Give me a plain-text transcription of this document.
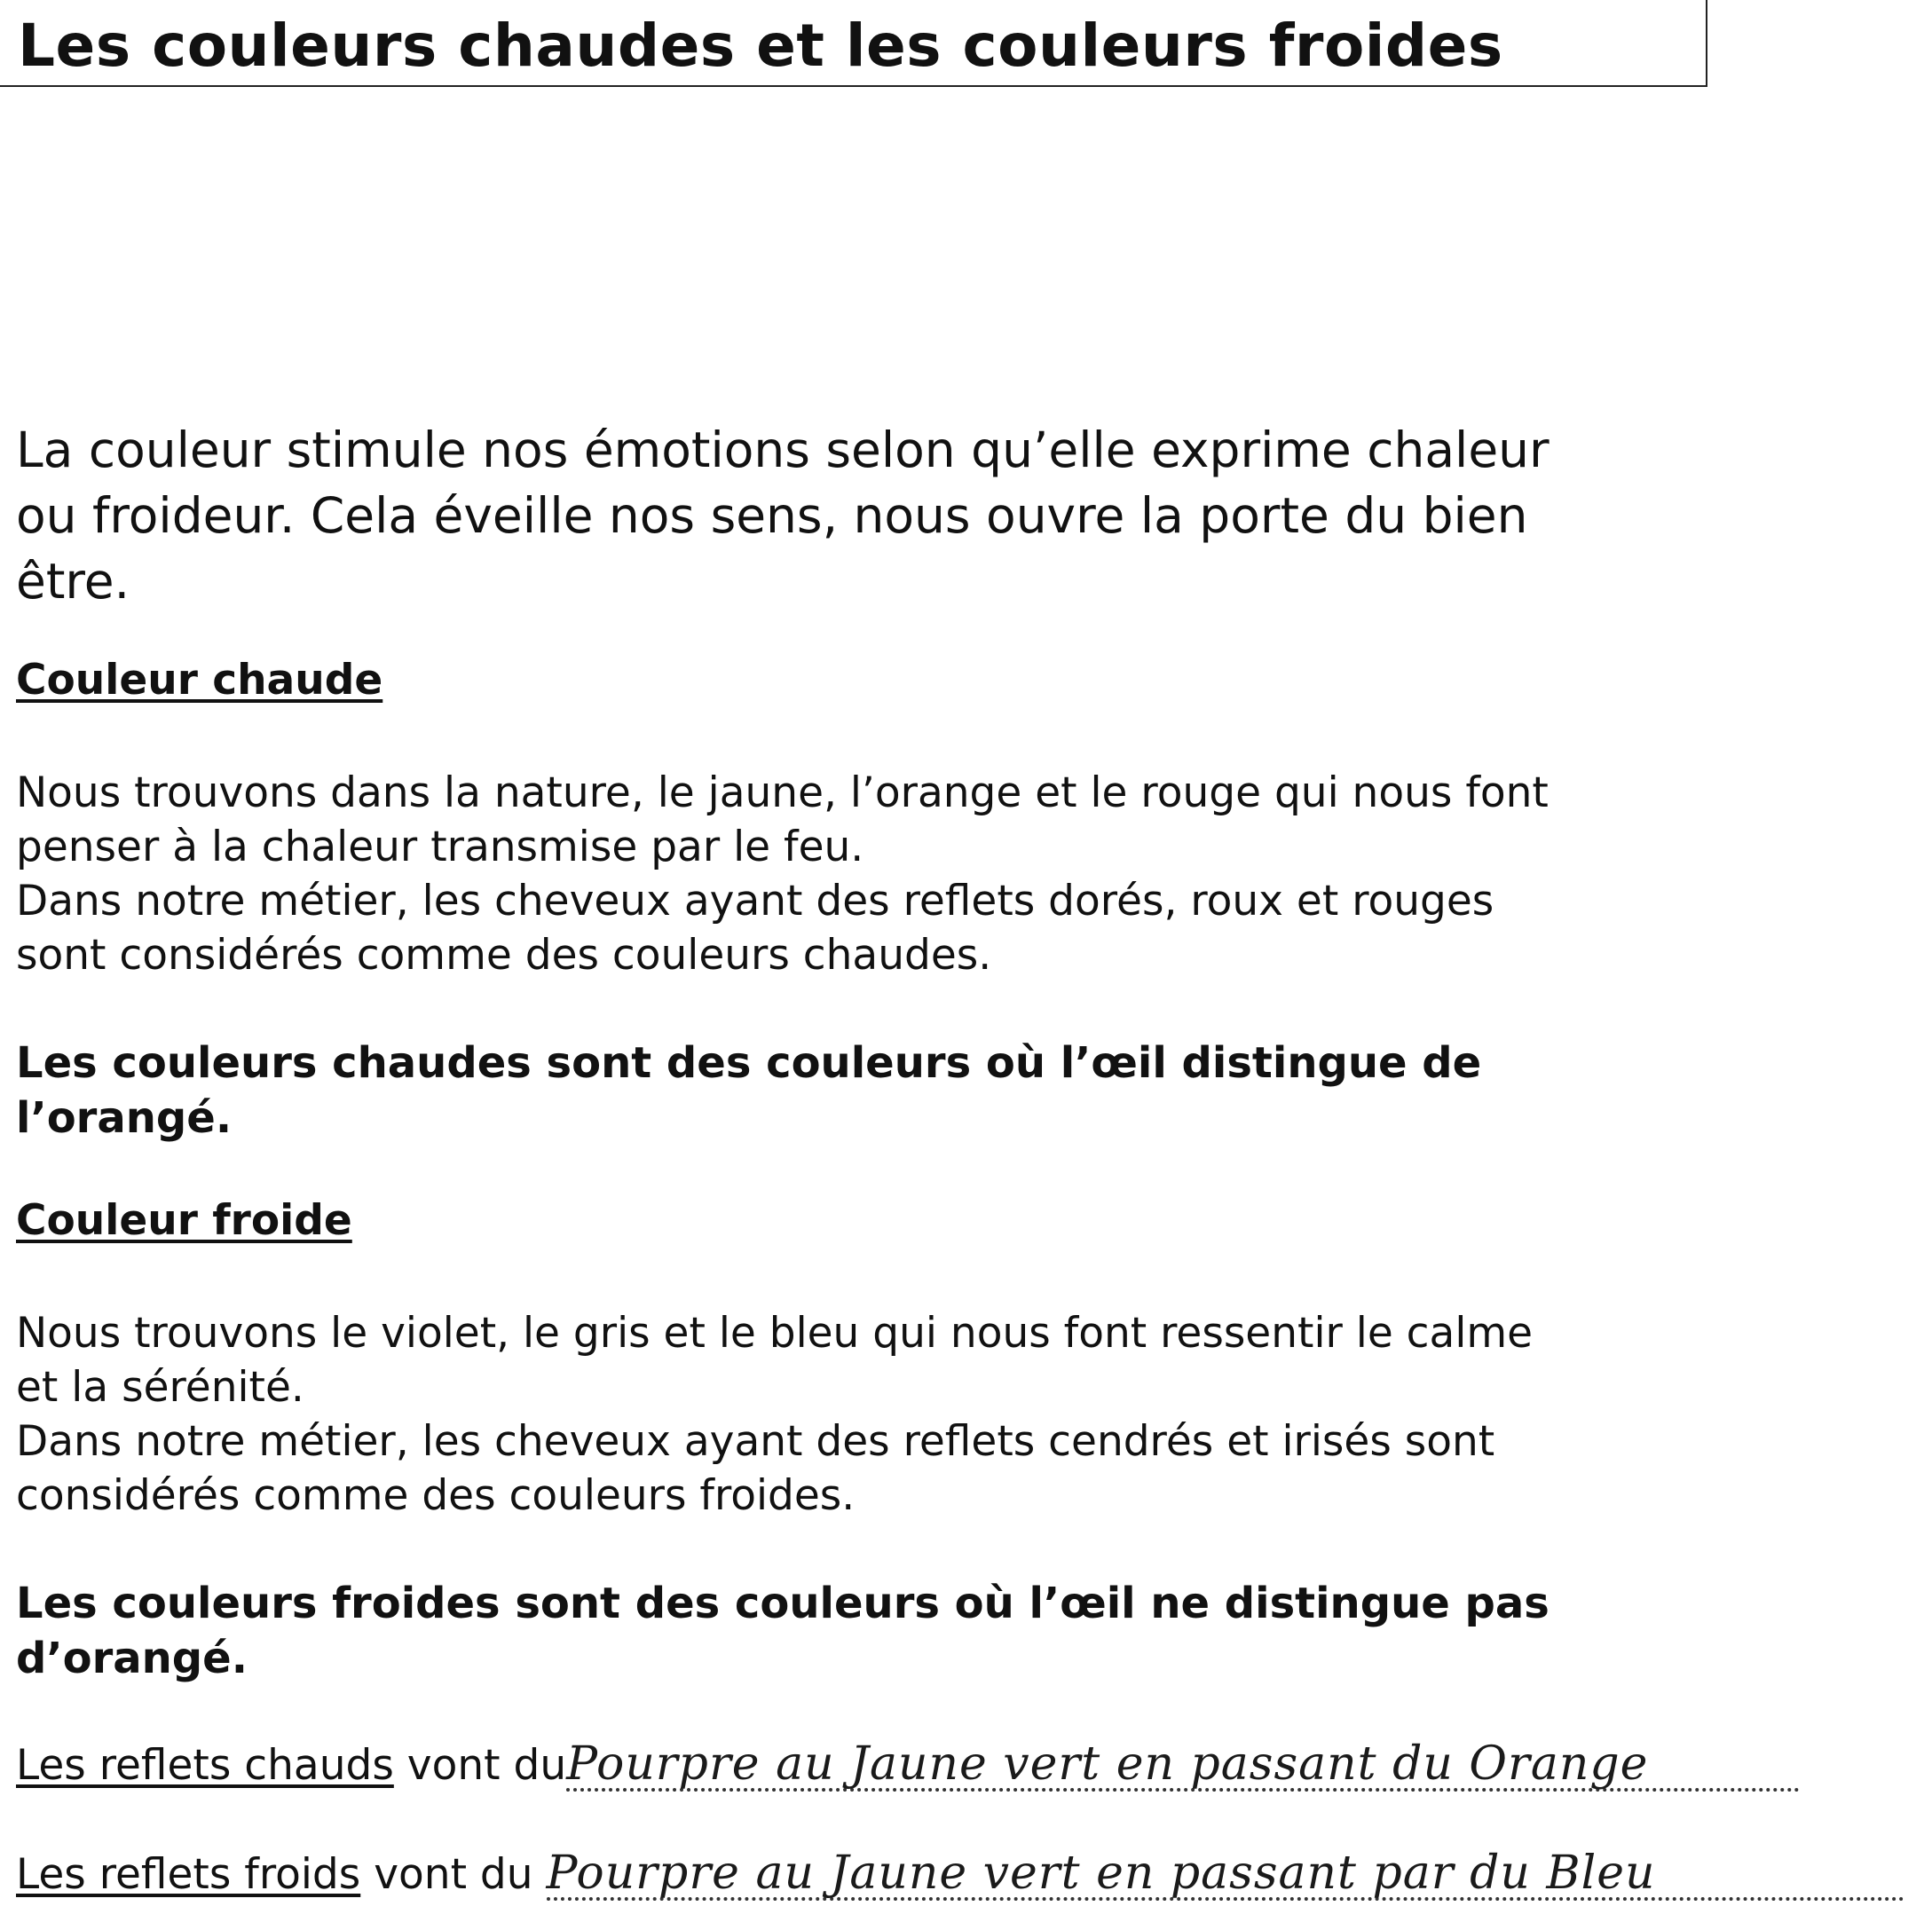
Les couleurs chaudes et les couleurs froides

La couleur stimule nos émotions selon qu’elle exprime chaleur
ou froideur. Cela éveille nos sens, nous ouvre la porte du bien
être.

Couleur chaude

Nous trouvons dans la nature, le jaune, l’orange et le rouge qui nous font
penser à la chaleur transmise par le feu.
Dans notre métier, les cheveux ayant des reflets dorés, roux et rouges
sont considérés comme des couleurs chaudes.

Les couleurs chaudes sont des couleurs où l’œil distingue de
l’orangé.

Couleur froide

Nous trouvons le violet, le gris et le bleu qui nous font ressentir le calme
et la sérénité.
Dans notre métier, les cheveux ayant des reflets cendrés et irisés sont
considérés comme des couleurs froides.

Les couleurs froides sont des couleurs où l’œil ne distingue pas
d’orangé.

Les reflets chauds vont duPourpre au Jaune vert en passant du Orange

Les reflets froids vont du Pourpre au Jaune vert en passant par du Bleu
